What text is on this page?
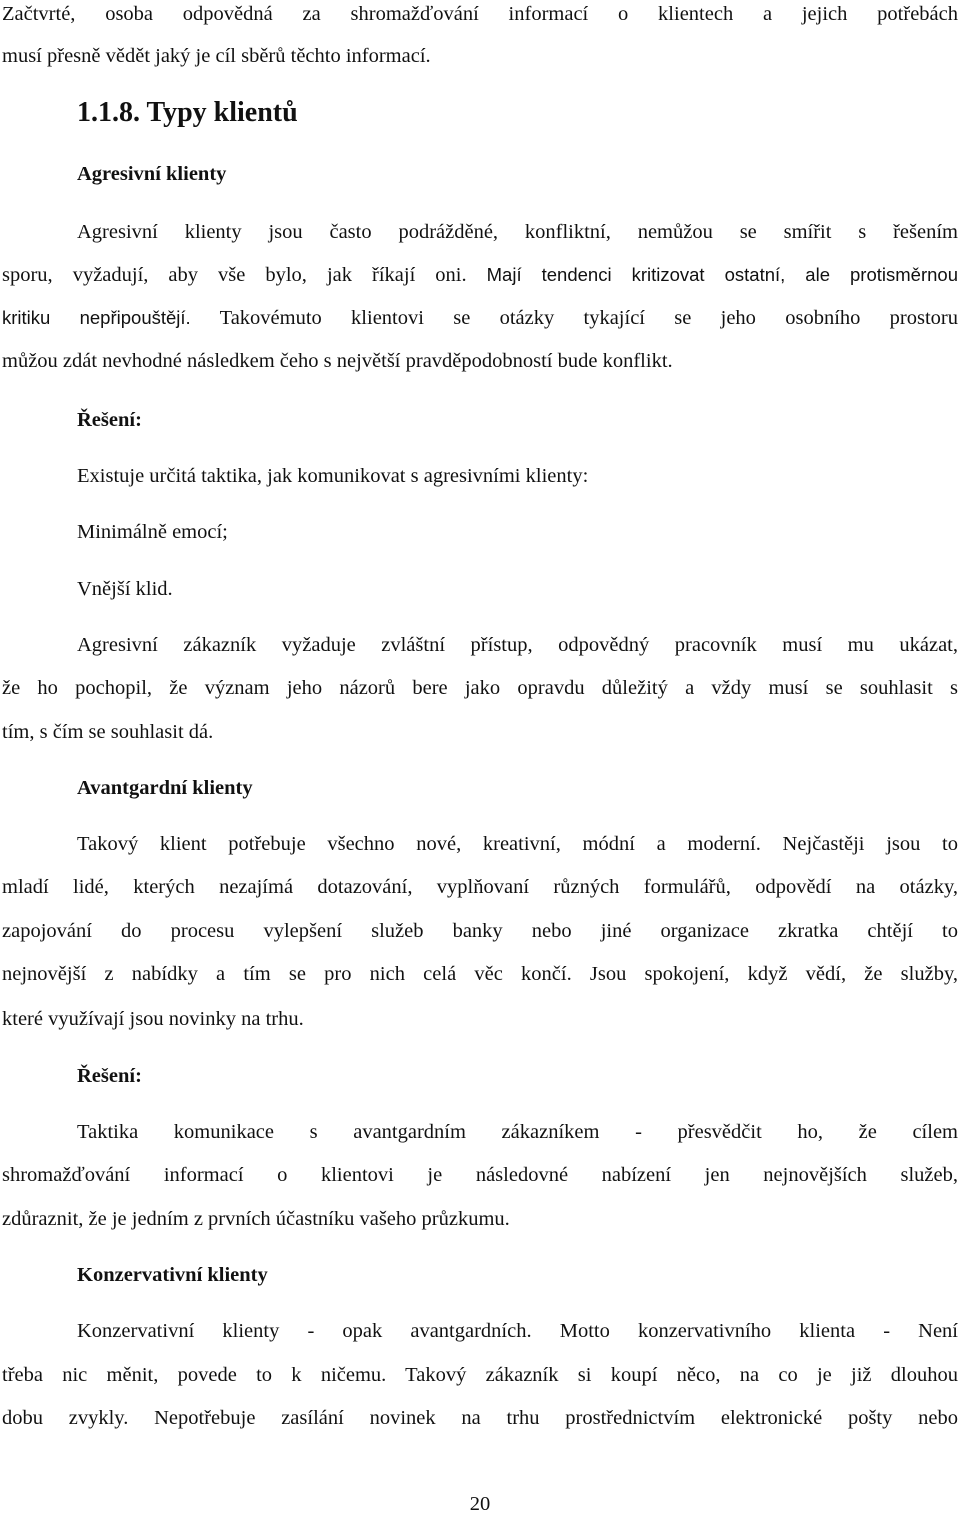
Začtvrté, osoba odpovědná za shromažďování informací o klientech a jejich potřebách
musí přesně vědět jaký je cíl sběrů těchto informací.
1.1.8. Typy klientů
Agresivní klienty
Agresivní klienty jsou často podrážděné, konfliktní, nemůžou se smířit s řešením
sporu, vyžadují, aby vše bylo, jak říkají oni. Mají tendenci kritizovat ostatní, ale protisměrnou
kritiku nepřipouštějí. Takovémuto klientovi se otázky tykající se jeho osobního prostoru
můžou zdát nevhodné následkem čeho s největší pravděpodobností bude konflikt.
Řešení:
Existuje určitá taktika, jak komunikovat s agresivními klienty:
Minimálně emocí;
Vnější klid.
Agresivní zákazník vyžaduje zvláštní přístup, odpovědný pracovník musí mu ukázat,
že ho pochopil, že význam jeho názorů bere jako opravdu důležitý a vždy musí se souhlasit s
tím, s čím se souhlasit dá.
Avantgardní klienty
Takový klient potřebuje všechno nové, kreativní, módní a moderní. Nejčastěji jsou to
mladí lidé, kterých nezajímá dotazování, vyplňovaní různých formulářů, odpovědí na otázky,
zapojování do procesu vylepšení služeb banky nebo jiné organizace zkratka chtějí to
nejnovější z nabídky a tím se pro nich celá věc končí. Jsou spokojení, když vědí, že služby,
které využívají jsou novinky na trhu.
Řešení:
Taktika komunikace s avantgardním zákazníkem - přesvědčit ho, že cílem
shromažďování informací o klientovi je následovné nabízení jen nejnovějších služeb,
zdůraznit, že je jedním z prvních účastníku vašeho průzkumu.
Konzervativní klienty
Konzervativní klienty - opak avantgardních. Motto konzervativního klienta - Není
třeba nic měnit, povede to k ničemu. Takový zákazník si koupí něco, na co je již dlouhou
dobu zvykly. Nepotřebuje zasílání novinek na trhu prostřednictvím elektronické pošty nebo
20
